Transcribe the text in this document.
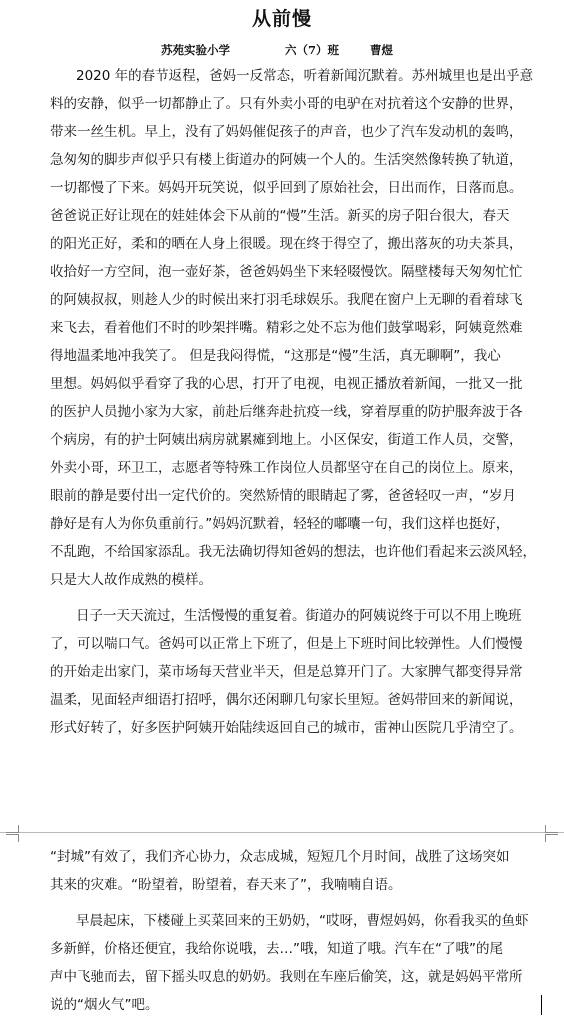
从前慢
苏苑实验小学	六（7）班	曹煜
2020 年的春节返程，爸妈一反常态，听着新闻沉默着。苏州城里也是出乎意
料的安静，似乎一切都静止了。只有外卖小哥的电驴在对抗着这个安静的世界，
带来一丝生机。早上，没有了妈妈催促孩子的声音，也少了汽车发动机的轰鸣，
急匆匆的脚步声似乎只有楼上街道办的阿姨一个人的。生活突然像转换了轨道，
一切都慢了下来。妈妈开玩笑说，似乎回到了原始社会，日出而作，日落而息。
爸爸说正好让现在的娃娃体会下从前的“慢”生活。新买的房子阳台很大，春天
的阳光正好，柔和的晒在人身上很暖。现在终于得空了，搬出落灰的功夫茶具，
收拾好一方空间，泡一壶好茶，爸爸妈妈坐下来轻啜慢饮。隔壁楼每天匆匆忙忙
的阿姨叔叔，则趁人少的时候出来打羽毛球娱乐。我爬在窗户上无聊的看着球飞
来飞去，看着他们不时的吵架拌嘴。精彩之处不忘为他们鼓掌喝彩，阿姨竟然难
得地温柔地冲我笑了。 但是我闷得慌，“这那是“慢”生活，真无聊啊”，我心
里想。妈妈似乎看穿了我的心思，打开了电视，电视正播放着新闻，一批又一批
的医护人员抛小家为大家，前赴后继奔赴抗疫一线，穿着厚重的防护服奔波于各
个病房，有的护士阿姨出病房就累瘫到地上。小区保安，街道工作人员，交警，
外卖小哥，环卫工，志愿者等特殊工作岗位人员都坚守在自己的岗位上。原来，
眼前的静是要付出一定代价的。突然矫情的眼睛起了雾，爸爸轻叹一声，“岁月
静好是有人为你负重前行。”妈妈沉默着，轻轻的嘟囔一句，我们这样也挺好，
不乱跑，不给国家添乱。我无法确切得知爸妈的想法，也许他们看起来云淡风轻，
只是大人故作成熟的模样。
日子一天天流过，生活慢慢的重复着。街道办的阿姨说终于可以不用上晚班
了，可以喘口气。爸妈可以正常上下班了，但是上下班时间比较弹性。人们慢慢
的开始走出家门，菜市场每天营业半天，但是总算开门了。大家脾气都变得异常
温柔，见面轻声细语打招呼，偶尔还闲聊几句家长里短。爸妈带回来的新闻说，
形式好转了，好多医护阿姨开始陆续返回自己的城市，雷神山医院几乎清空了。
“封城”有效了，我们齐心协力，众志成城，短短几个月时间，战胜了这场突如
其来的灾难。“盼望着，盼望着，春天来了”，我喃喃自语。
早晨起床，下楼碰上买菜回来的王奶奶，“哎呀，曹煜妈妈，你看我买的鱼虾
多新鲜，价格还便宜，我给你说哦，去…”哦，知道了哦。汽车在“了哦”的尾
声中飞驰而去，留下摇头叹息的奶奶。我则在车座后偷笑，这，就是妈妈平常所
说的“烟火气”吧。
